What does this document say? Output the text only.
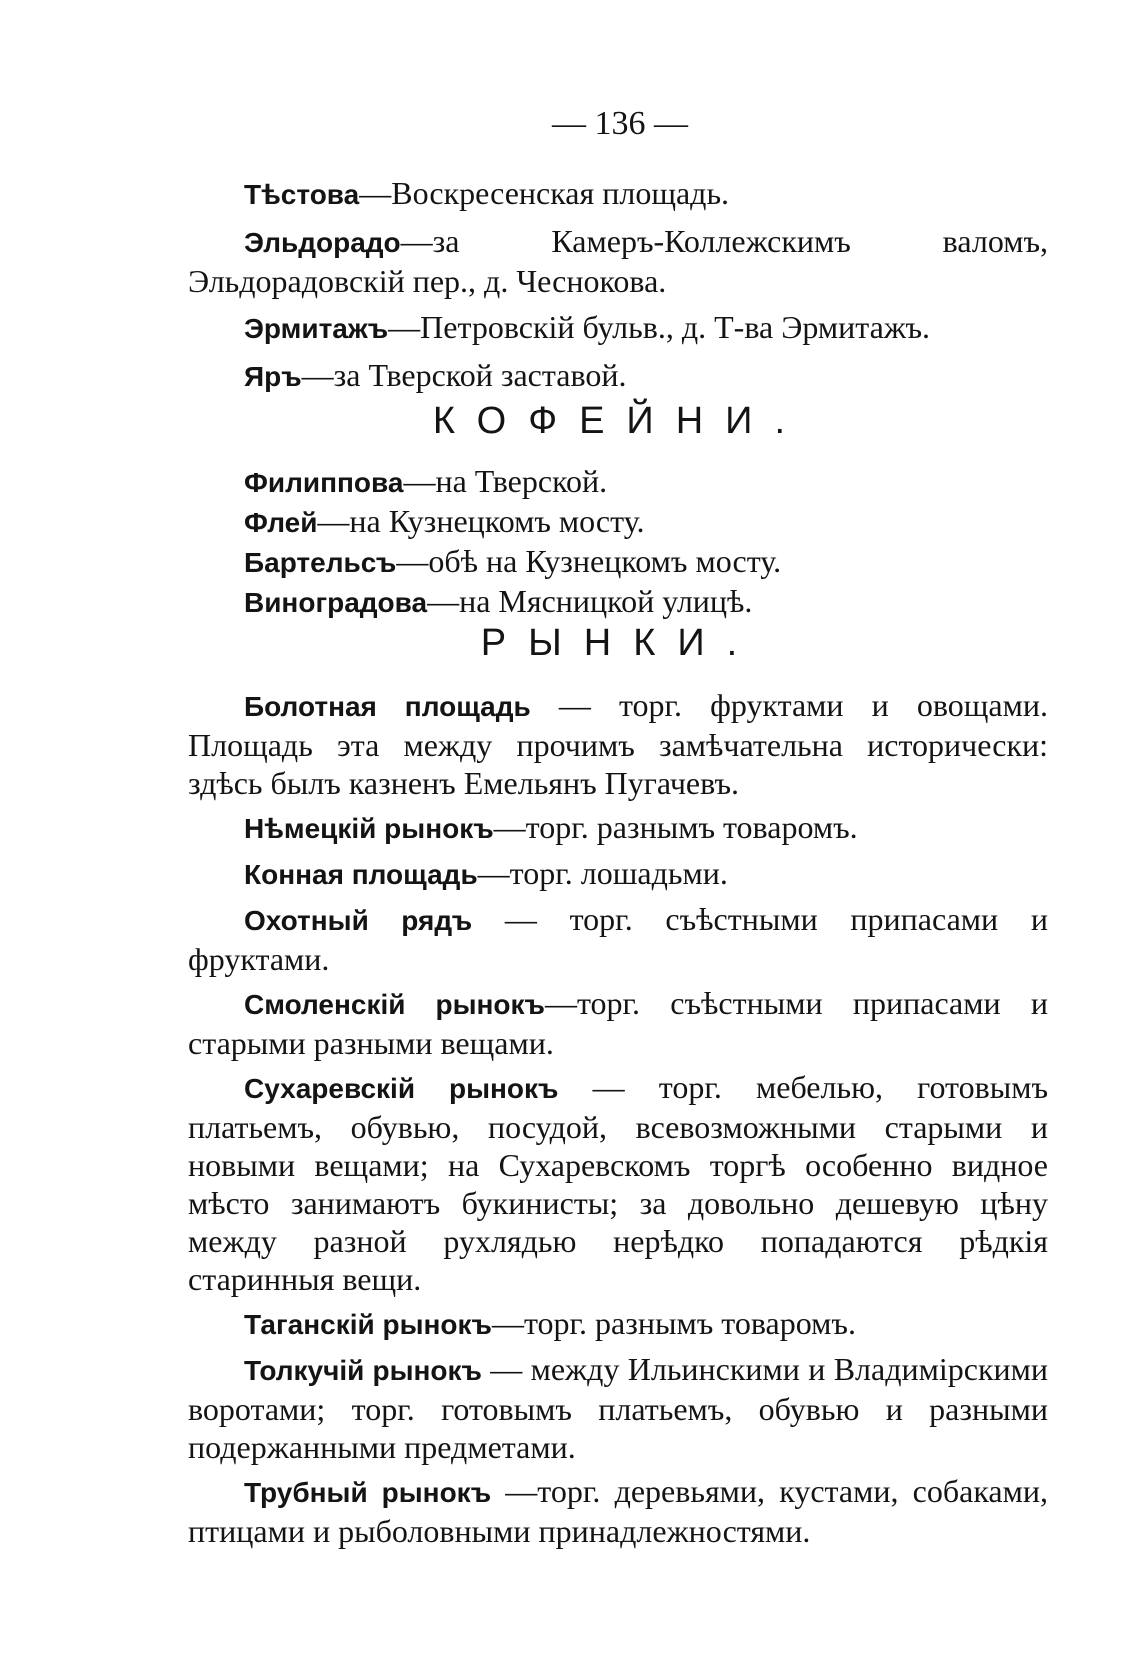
— 136 —

Тѣстова—Воскресенская площадь.

Эльдорадо—за Камеръ-Коллежскимъ валомъ, Эльдорадовскій пер., д. Чеснокова.

Эрмитажъ—Петровскій бульв., д. Т-ва Эрмитажъ.

Яръ—за Тверской заставой.

КОФЕЙНИ.

Филиппова—на Тверской.

Флей—на Кузнецкомъ мосту.

Бартельсъ—обѣ на Кузнецкомъ мосту.

Виноградова—на Мясницкой улицѣ.

РЫНКИ.

Болотная площадь — торг. фруктами и овощами. Площадь эта между прочимъ замѣчательна исторически: здѣсь былъ казненъ Емельянъ Пугачевъ.

Нѣмецкій рынокъ—торг. разнымъ товаромъ.

Конная площадь—торг. лошадьми.

Охотный рядъ — торг. съѣстными припасами и фруктами.

Смоленскій рынокъ—торг. съѣстными припасами и старыми разными вещами.

Сухаревскій рынокъ — торг. мебелью, готовымъ платьемъ, обувью, посудой, всевозможными старыми и новыми вещами; на Сухаревскомъ торгѣ особенно видное мѣсто занимаютъ букинисты; за довольно дешевую цѣну между разной рухлядью нерѣдко попадаются рѣдкія старинныя вещи.

Таганскій рынокъ—торг. разнымъ товаромъ.

Толкучій рынокъ — между Ильинскими и Владимірскими воротами; торг. готовымъ платьемъ, обувью и разными подержанными предметами.

Трубный рынокъ —торг. деревьями, кустами, собаками, птицами и рыболовными принадлежностями.
